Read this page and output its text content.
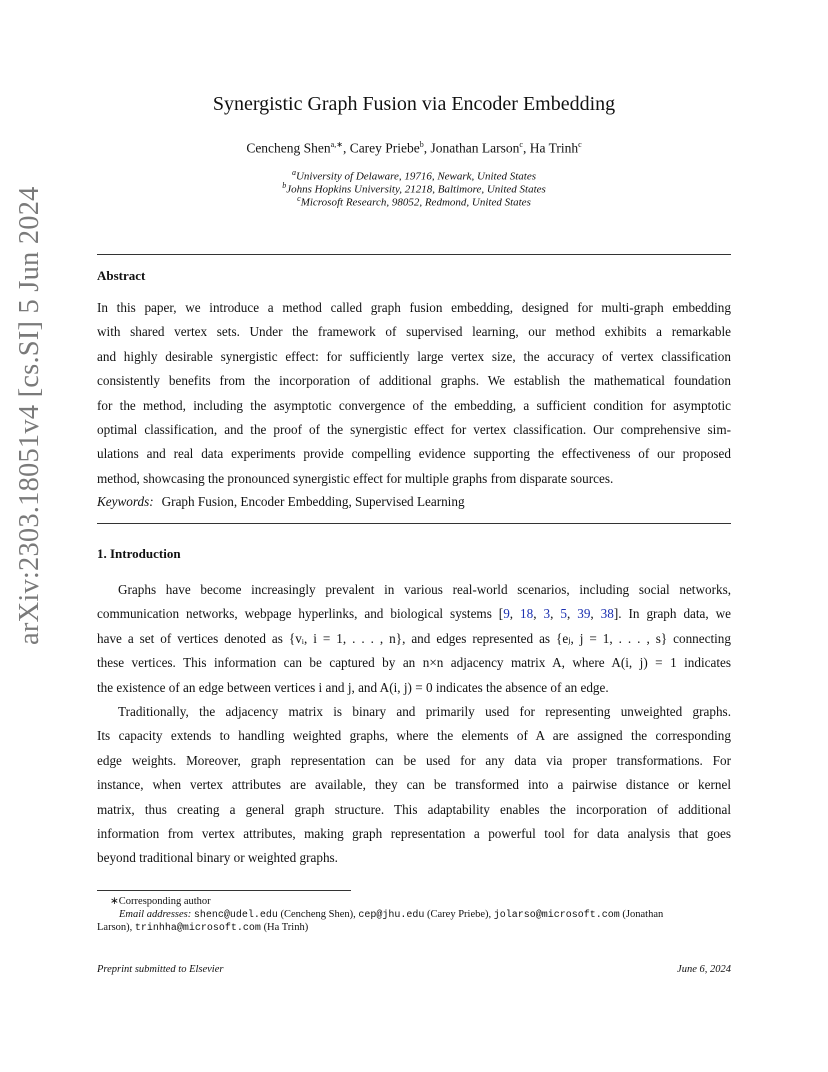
arXiv:2303.18051v4 [cs.SI] 5 Jun 2024
Synergistic Graph Fusion via Encoder Embedding
Cencheng Shen$^{a,∗}$, Carey Priebe$^b$, Jonathan Larson$^c$, Ha Trinh$^c$
$^a$University of Delaware, 19716, Newark, United States
$^b$Johns Hopkins University, 21218, Baltimore, United States
$^c$Microsoft Research, 98052, Redmond, United States
Abstract
In this paper, we introduce a method called graph fusion embedding, designed for multi-graph embedding
with shared vertex sets. Under the framework of supervised learning, our method exhibits a remarkable
and highly desirable synergistic effect: for sufficiently large vertex size, the accuracy of vertex classification
consistently benefits from the incorporation of additional graphs. We establish the mathematical foundation
for the method, including the asymptotic convergence of the embedding, a sufficient condition for asymptotic
optimal classification, and the proof of the synergistic effect for vertex classification. Our comprehensive sim-
ulations and real data experiments provide compelling evidence supporting the effectiveness of our proposed
method, showcasing the pronounced synergistic effect for multiple graphs from disparate sources.
Keywords: Graph Fusion, Encoder Embedding, Supervised Learning
1. Introduction
Graphs have become increasingly prevalent in various real-world scenarios, including social networks,
communication networks, webpage hyperlinks, and biological systems [9, 18, 3, 5, 39, 38]. In graph data, we
have a set of vertices denoted as {vᵢ, i = 1, . . . , n}, and edges represented as {eⱼ, j = 1, . . . , s} connecting
these vertices. This information can be captured by an n×n adjacency matrix A, where A(i, j) = 1 indicates
the existence of an edge between vertices i and j, and A(i, j) = 0 indicates the absence of an edge.
Traditionally, the adjacency matrix is binary and primarily used for representing unweighted graphs.
Its capacity extends to handling weighted graphs, where the elements of A are assigned the corresponding
edge weights. Moreover, graph representation can be used for any data via proper transformations. For
instance, when vertex attributes are available, they can be transformed into a pairwise distance or kernel
matrix, thus creating a general graph structure. This adaptability enables the incorporation of additional
information from vertex attributes, making graph representation a powerful tool for data analysis that goes
beyond traditional binary or weighted graphs.
∗Corresponding author
Email addresses: shenc@udel.edu (Cencheng Shen), cep@jhu.edu (Carey Priebe), jolarso@microsoft.com (Jonathan
Larson), trinhha@microsoft.com (Ha Trinh)
Preprint submitted to Elsevier	June 6, 2024
